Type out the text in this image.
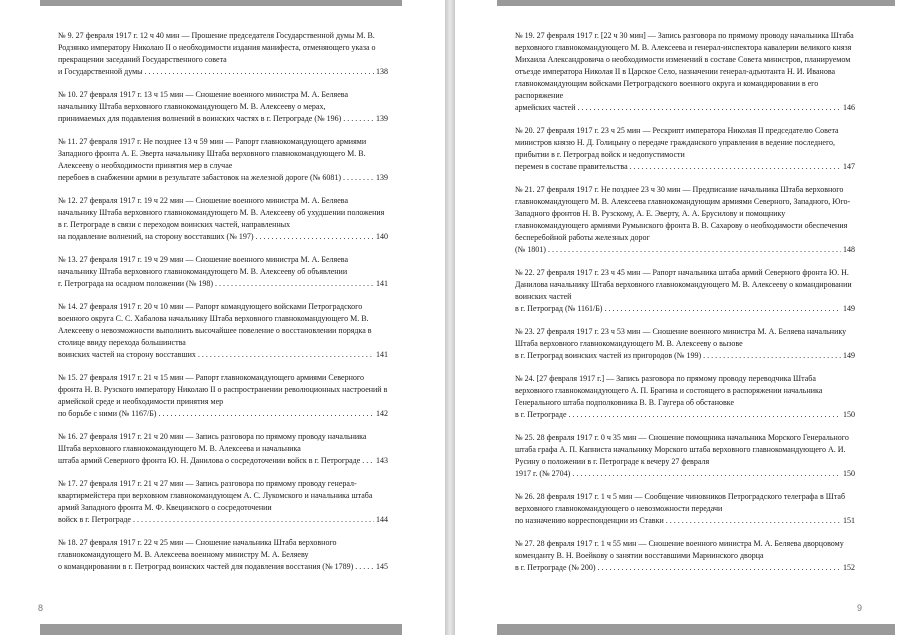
№ 9. 27 февраля 1917 г. 12 ч 40 мин — Прошение председателя Государственной думы М. В. Родзянко императору Николаю II о необходимости издания манифеста, отменяющего указа о прекращении заседаний Государственного совета
и Государственной думы . . .	138
№ 10. 27 февраля 1917 г. 13 ч 15 мин — Сношение военного министра М. А. Беляева начальнику Штаба верховного главнокомандующего М. В. Алексееву о мерах,
принимаемых для подавления волнений в воинских частях в г. Петрограде (№ 196) . . .	139
№ 11. 27 февраля 1917 г. Не позднее 13 ч 59 мин — Рапорт главнокомандующего армиями Западного фронта А. Е. Эверта начальнику Штаба верховного главнокомандующего М. В. Алексееву о необходимости принятия мер в случае
перебоев в снабжении армии в результате забастовок на железной дороге (№ 6081) . . .	139
№ 12. 27 февраля 1917 г. 19 ч 22 мин — Сношение военного министра М. А. Беляева начальнику Штаба верховного главнокомандующего М. В. Алексееву об ухудшении положения в г. Петрограде в связи с переходом воинских частей, направленных
на подавление волнений, на сторону восставших (№ 197) . . .	140
№ 13. 27 февраля 1917 г. 19 ч 29 мин — Сношение военного министра М. А. Беляева начальнику Штаба верховного главнокомандующего М. В. Алексееву об объявлении
г. Петрограда на осадном положении (№ 198) . . .	141
№ 14. 27 февраля 1917 г. 20 ч 10 мин — Рапорт командующего войсками Петроградского военного округа С. С. Хабалова начальнику Штаба верховного главнокомандующего М. В. Алексееву о невозможности выполнить высочайшее повеление о восстановлении порядка в столице ввиду перехода большинства
воинских частей на сторону восставших . . .	141
№ 15. 27 февраля 1917 г. 21 ч 15 мин — Рапорт главнокомандующего армиями Северного фронта Н. В. Рузского императору Николаю II о распространении революционных настроений в армейской среде и необходимости принятия мер
по борьбе с ними (№ 1167/Б) . . .	142
№ 16. 27 февраля 1917 г. 21 ч 20 мин — Запись разговора по прямому проводу начальника Штаба верховного главнокомандующего М. В. Алексеева и начальника
штаба армий Северного фронта Ю. Н. Данилова о сосредоточении войск в г. Петрограде . . . 143
№ 17. 27 февраля 1917 г. 21 ч 27 мин — Запись разговора по прямому проводу генерал-квартирмейстера при верховном главнокомандующем А. С. Лукомского и начальника штаба армий Западного фронта М. Ф. Квецинского о сосредоточении
войск в г. Петрограде . . .	144
№ 18. 27 февраля 1917 г. 22 ч 25 мин — Сношение начальника Штаба верховного главнокомандующего М. В. Алексеева военному министру М. А. Беляеву
о командировании в г. Петроград воинских частей для подавления восстания (№ 1789) . . .	145
8
№ 19. 27 февраля 1917 г. [22 ч 30 мин] — Запись разговора по прямому проводу начальника Штаба верховного главнокомандующего М. В. Алексеева и генерал-инспектора кавалерии великого князя Михаила Александровича о необходимости изменений в составе Совета министров, планируемом отъезде императора Николая II в Царское Село, назначении генерал-адъютанта Н. И. Иванова главнокомандующим войсками Петроградского военного округа и командировании в его распоряжение
армейских частей . . .	146
№ 20. 27 февраля 1917 г. 23 ч 25 мин — Рескрипт императора Николая II председателю Совета министров князю Н. Д. Голицыну о передаче гражданского управления в ведение последнего, прибытии в г. Петроград войск и недопустимости
перемен в составе правительства . . .	147
№ 21. 27 февраля 1917 г. Не позднее 23 ч 30 мин — Предписание начальника Штаба верховного главнокомандующего М. В. Алексеева главнокомандующим армиями Северного, Западного, Юго-Западного фронтов Н. В. Рузскому, А. Е. Эверту, А. А. Брусилову и помощнику главнокомандующего армиями Румынского фронта В. В. Сахарову о необходимости обеспечения бесперебойной работы железных дорог
(№ 1801) . . .	148
№ 22. 27 февраля 1917 г. 23 ч 45 мин — Рапорт начальника штаба армий Северного фронта Ю. Н. Данилова начальнику Штаба верховного главнокомандующего М. В. Алексееву о командировании воинских частей
в г. Петроград (№ 1161/Б) . . .	149
№ 23. 27 февраля 1917 г. 23 ч 53 мин — Сношение военного министра М. А. Беляева начальнику Штаба верховного главнокомандующего М. В. Алексееву о вызове
в г. Петроград воинских частей из пригородов (№ 199) . . .	149
№ 24. [27 февраля 1917 г.] — Запись разговора по прямому проводу переводчика Штаба верховного главнокомандующего А. П. Брагина и состоящего в распоряжении начальника Генерального штаба подполковника В. В. Гаугера об обстановке
в г. Петрограде . . .	150
№ 25. 28 февраля 1917 г. 0 ч 35 мин — Сношение помощника начальника Морского Генерального штаба графа А. П. Капниста начальнику Морского штаба верховного главнокомандующего А. И. Русину о положении в г. Петрограде к вечеру 27 февраля
1917 г. (№ 2704) . . .	150
№ 26. 28 февраля 1917 г. 1 ч 5 мин — Сообщение чиновников Петроградского телеграфа в Штаб верховного главнокомандующего о невозможности передачи
по назначению корреспонденции из Ставки . . .	151
№ 27. 28 февраля 1917 г. 1 ч 55 мин — Сношение военного министра М. А. Беляева дворцовому коменданту В. Н. Воейкову о занятии восставшими Мариинского дворца
в г. Петрограде (№ 200) . . .	152
9
